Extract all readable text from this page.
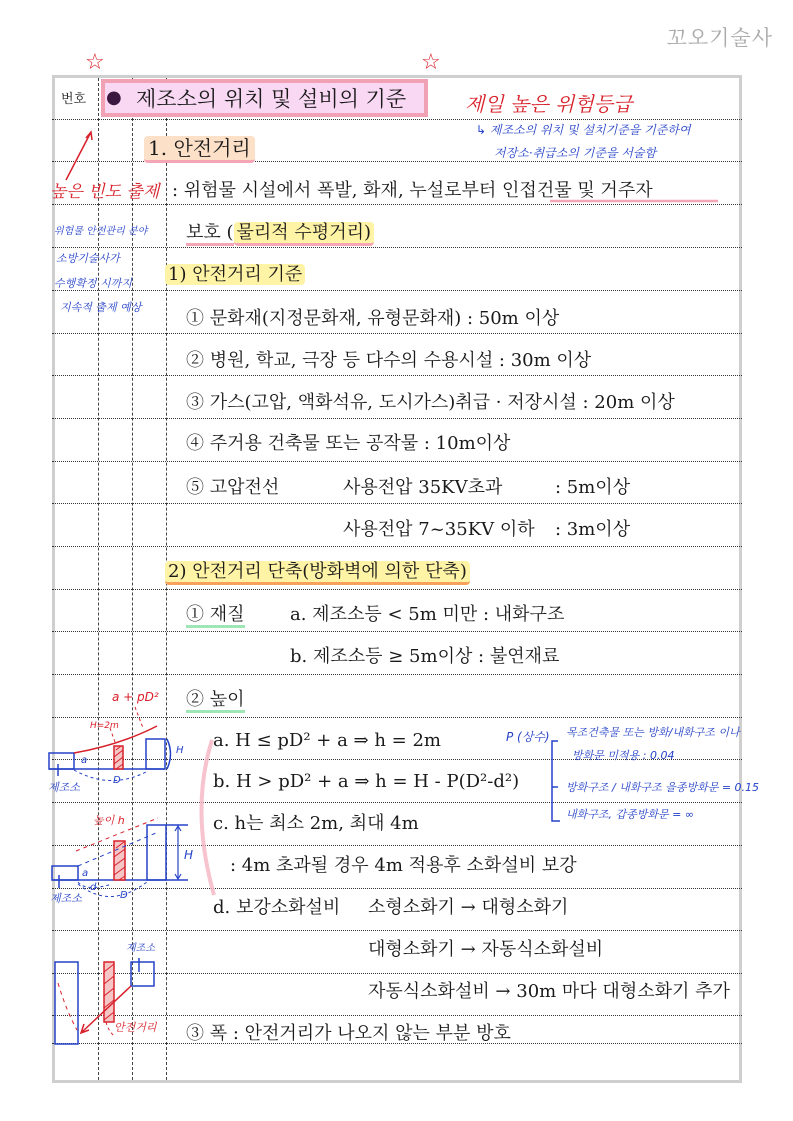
꼬오기술사
☆	☆
번호 ● 제조소의 위치 및 설비의 기준	제일 높은 위험등급
↳ 제조소의 위치 및 설치기준을 기준하여
저장소·취급소의 기준을 서술함
1. 안전거리
높은 빈도 출제
위험물 안전관리 분야
소방기술사가
수행확정 시까지
지속적 출제 예상
: 위험물 시설에서 폭발, 화재, 누설로부터 인접건물 및 거주자
보호 ( 물리적 수평거리)
1) 안전거리 기준
① 문화재(지정문화재, 유형문화재) : 50m 이상
② 병원, 학교, 극장 등 다수의 수용시설 : 30m 이상
③ 가스(고압, 액화석유, 도시가스)취급 · 저장시설 : 20m 이상
④ 주거용 건축물 또는 공작물 : 10m이상
⑤ 고압전선	사용전압 35KV초과	: 5m이상
사용전압 7~35KV 이하 : 3m이상
2) 안전거리 단축(방화벽에 의한 단축)
① 재질	a. 제조소등 < 5m 미만 : 내화구조
b. 제조소등 ≥ 5m이상 : 불연재료
② 높이
a. H ≤ pD² + a ⇒ h = 2m
b. H > pD² + a ⇒ h = H - P(D²-d²)
c. h는 최소 2m, 최대 4m
: 4m 초과될 경우 4m 적용후 소화설비 보강
d. 보강소화설비 소형소화기 → 대형소화기
대형소화기 → 자동식소화설비
자동식소화설비 → 30m 마다 대형소화기 추가
③ 폭 : 안전거리가 나오지 않는 부분 방호
P (상수) 목조건축물 또는 방화/내화구조 이나
방화문 미적용 : 0.04
방화구조 / 내화구조 을종방화문 = 0.15
내화구조, 갑종방화문 = ∞
a + pD²
H=2m
a
D
H
제조소
높이 h
a
d
D
H
제조소
제조소
안전거리
